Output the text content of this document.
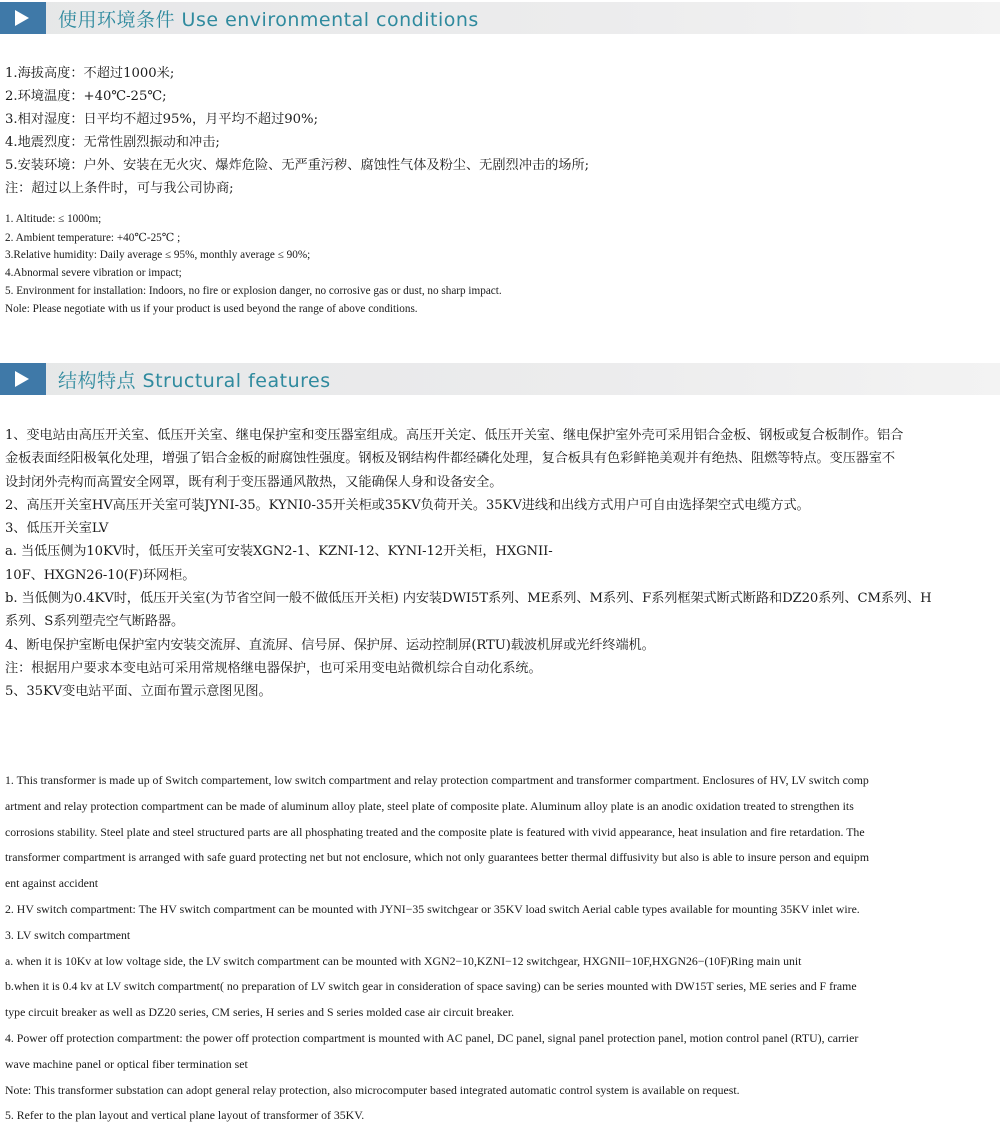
使用环境条件 Use environmental conditions
1.海拔高度：不超过1000米;
2.环境温度：+40℃-25℃;
3.相对湿度：日平均不超过95%，月平均不超过90%;
4.地震烈度：无常性剧烈振动和冲击;
5.安装环境：户外、安装在无火灾、爆炸危险、无严重污秽、腐蚀性气体及粉尘、无剧烈冲击的场所;
注：超过以上条件时，可与我公司协商;
1. Altitude: ≤ 1000m;
2. Ambient temperature: +40℃-25℃ ;
3.Relative humidity: Daily average ≤ 95%, monthly average ≤ 90%;
4.Abnormal severe vibration or impact;
5. Environment for installation: Indoors, no fire or explosion danger, no corrosive gas or dust, no sharp impact.
Nole: Please negotiate with us if your product is used beyond the range of above conditions.
结构特点 Structural features
1、变电站由高压开关室、低压开关室、继电保护室和变压器室组成。高压开关定、低压开关室、继电保护室外壳可采用铝合金板、钢板或复合板制作。铝合
金板表面经阳极氧化处理，增强了铝合金板的耐腐蚀性强度。钢板及钢结构件都经磷化处理，复合板具有色彩鲜艳美观并有绝热、阻燃等特点。变压器室不
设封闭外壳构而高置安全网罩，既有利于变压器通风散热，又能确保人身和设备安全。
2、高压开关室HV高压开关室可装JYNI-35。KYNI0-35开关柜或35KV负荷开关。35KV进线和出线方式用户可自由选择架空式电缆方式。
3、低压开关室LV
a. 当低压侧为10KV时，低压开关室可安装XGN2-1、KZNI-12、KYNI-12开关柜，HXGNII-
10F、HXGN26-10(F)环网柜。
b. 当低侧为0.4KV时，低压开关室(为节省空间一般不做低压开关柜) 内安装DWI5T系列、ME系列、M系列、F系列框架式断式断路和DZ20系列、CM系列、H
系列、S系列塑壳空气断路器。
4、断电保护室断电保护室内安装交流屏、直流屏、信号屏、保护屏、运动控制屏(RTU)载波机屏或光纤终端机。
注：根据用户要求本变电站可采用常规格继电器保护，也可采用变电站微机综合自动化系统。
5、35KV变电站平面、立面布置示意图见图。
1. This transformer is made up of Switch compartement, low switch compartment and relay protection compartment and transformer compartment. Enclosures of HV, LV switch comp
artment and relay protection compartment can be made of aluminum alloy plate, steel plate of composite plate. Aluminum alloy plate is an anodic oxidation treated to strengthen its
corrosions stability. Steel plate and steel structured parts are all phosphating treated and the composite plate is featured with vivid appearance, heat insulation and fire retardation. The
transformer compartment is arranged with safe guard protecting net but not enclosure, which not only guarantees better thermal diffusivity but also is able to insure person and equipm
ent against accident
2. HV switch compartment: The HV switch compartment can be mounted with JYNI−35 switchgear or 35KV load switch Aerial cable types available for mounting 35KV inlet wire.
3. LV switch compartment
a. when it is 10Kv at low voltage side, the LV switch compartment can be mounted with XGN2−10,KZNI−12 switchgear, HXGNII−10F,HXGN26−(10F)Ring main unit
b.when it is 0.4 kv at LV switch compartment( no preparation of LV switch gear in consideration of space saving) can be series mounted with DW15T series, ME series and F frame
type circuit breaker as well as DZ20 series, CM series, H series and S series molded case air circuit breaker.
4. Power off protection compartment: the power off protection compartment is mounted with AC panel, DC panel, signal panel protection panel, motion control panel (RTU), carrier
wave machine panel or optical fiber termination set
Note: This transformer substation can adopt general relay protection, also microcomputer based integrated automatic control system is available on request.
5. Refer to the plan layout and vertical plane layout of transformer of 35KV.
